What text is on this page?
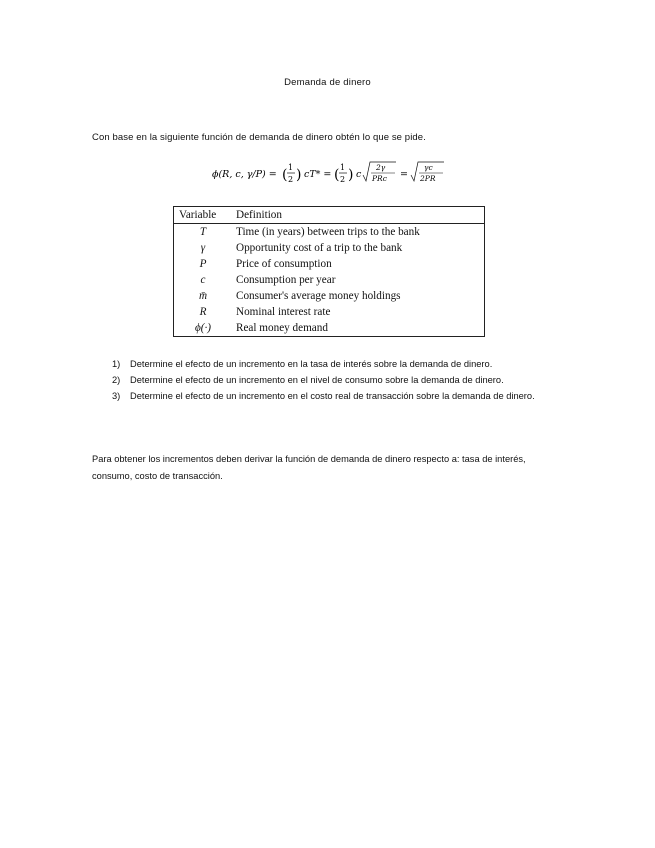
Demanda de dinero
Con base en la siguiente función de demanda de dinero obtén lo que se pide.
ϕ(R, c, γ/P) = ( 1
2 ) cT* = ( 1
2 ) c
2γ
PRc =
γc
2PR
Variable	Definition
T	Time (in years) between trips to the bank
γ	Opportunity cost of a trip to the bank
P	Price of consumption
c	Consumption per year
m̄	Consumer's average money holdings
R	Nominal interest rate
ϕ(·)	Real money demand
1)	Determine el efecto de un incremento en la tasa de interés sobre la demanda de dinero.
2)	Determine el efecto de un incremento en el nivel de consumo sobre la demanda de dinero.
3)	Determine el efecto de un incremento en el costo real de transacción sobre la demanda de dinero.
Para obtener los incrementos deben derivar la función de demanda de dinero respecto a: tasa de interés, consumo, costo de transacción.
